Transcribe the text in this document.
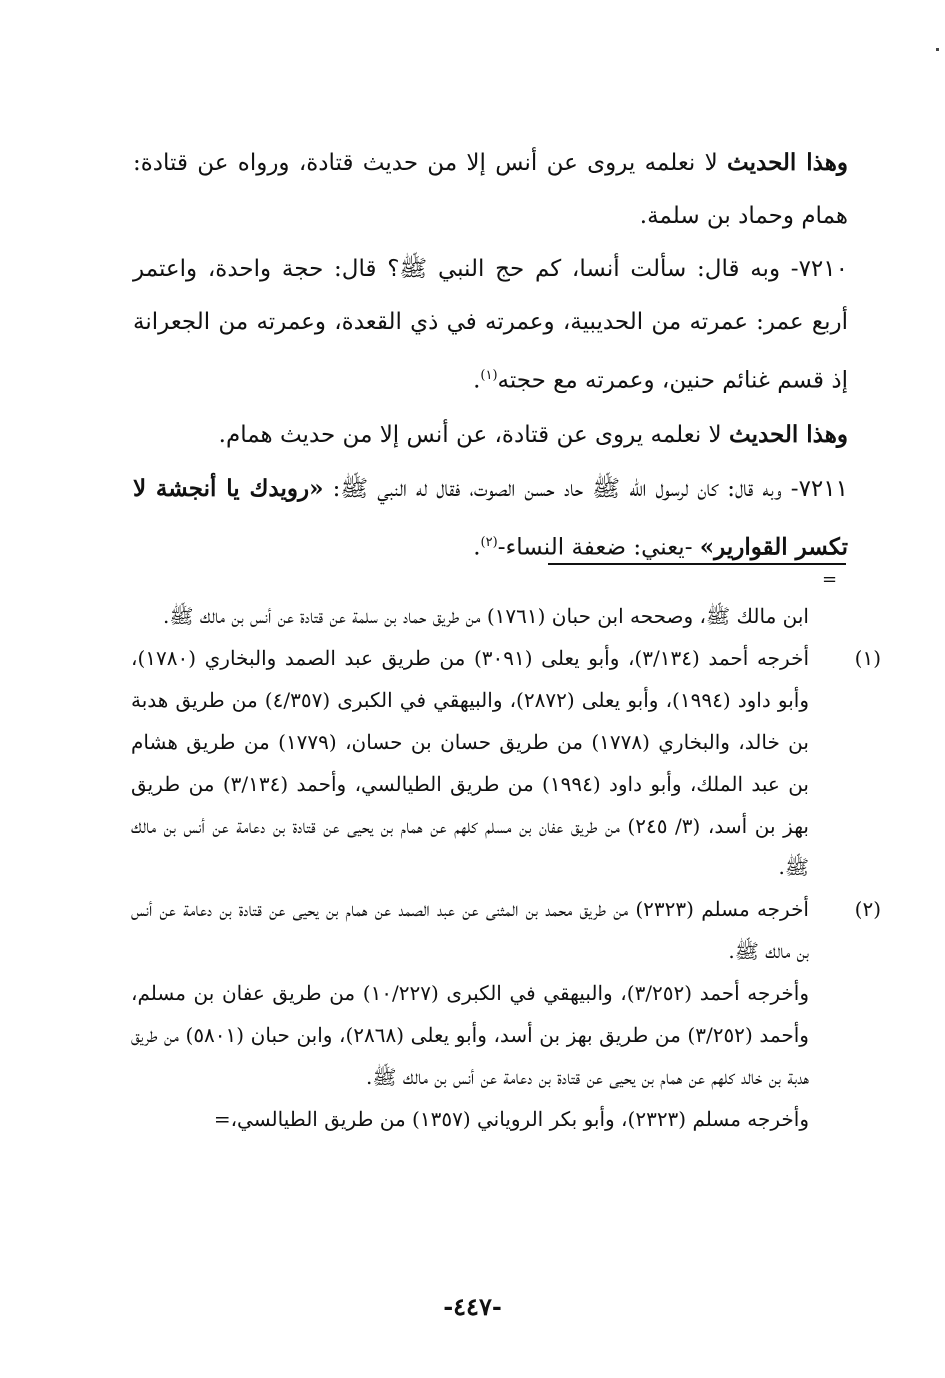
وهذا الحديث لا نعلمه يروى عن أنس إلا من حديث قتادة، ورواه عن قتادة: همام وحماد بن سلمة.

٧٢١٠- وبه قال: سألت أنسا، كم حج النبي ﷺ؟ قال: حجة واحدة، واعتمر أربع عمر: عمرته من الحديبية، وعمرته في ذي القعدة، وعمرته من الجعرانة إذ قسم غنائم حنين، وعمرته مع حجته$^{(١)}$.

وهذا الحديث لا نعلمه يروى عن قتادة، عن أنس إلا من حديث همام.

٧٢١١- وبه قال: كان لرسول الله ﷺ حاد حسن الصوت، فقال له النبي ﷺ: «رويدك يا أنجشة لا تكسر القوارير» -يعني: ضعفة النساء-$^{(٢)}$.

=

ابن مالك ﷺ، وصححه ابن حبان (١٧٦١) من طريق حماد بن سلمة عن قتادة عن أنس بن مالك ﷺ.

(١)
أخرجه أحمد (٣/١٣٤)، وأبو يعلى (٣٠٩١) من طريق عبد الصمد والبخاري (١٧٨٠)، وأبو داود (١٩٩٤)، وأبو يعلى (٢٨٧٢)، والبيهقي في الكبرى (٤/٣٥٧) من طريق هدبة بن خالد، والبخاري (١٧٧٨) من طريق حسان بن حسان، (١٧٧٩) من طريق هشام بن عبد الملك، وأبو داود (١٩٩٤) من طريق الطيالسي، وأحمد (٣/١٣٤) من طريق بهز بن أسد، (٣/ ٢٤٥) من طريق عفان بن مسلم كلهم عن همام بن يحيى عن قتادة بن دعامة عن أنس بن مالك ﷺ.

(٢)
أخرجه مسلم (٢٣٢٣) من طريق محمد بن المثنى عن عبد الصمد عن همام بن يحيى عن قتادة بن دعامة عن أنس بن مالك ﷺ.

وأخرجه أحمد (٣/٢٥٢)، والبيهقي في الكبرى (١٠/٢٢٧) من طريق عفان بن مسلم، وأحمد (٣/٢٥٢) من طريق بهز بن أسد، وأبو يعلى (٢٨٦٨)، وابن حبان (٥٨٠١) من طريق هدبة بن خالد كلهم عن همام بن يحيى عن قتادة بن دعامة عن أنس بن مالك ﷺ.

وأخرجه مسلم (٢٣٢٣)، وأبو بكر الروياني (١٣٥٧) من طريق الطيالسي،=

-٤٤٧-
